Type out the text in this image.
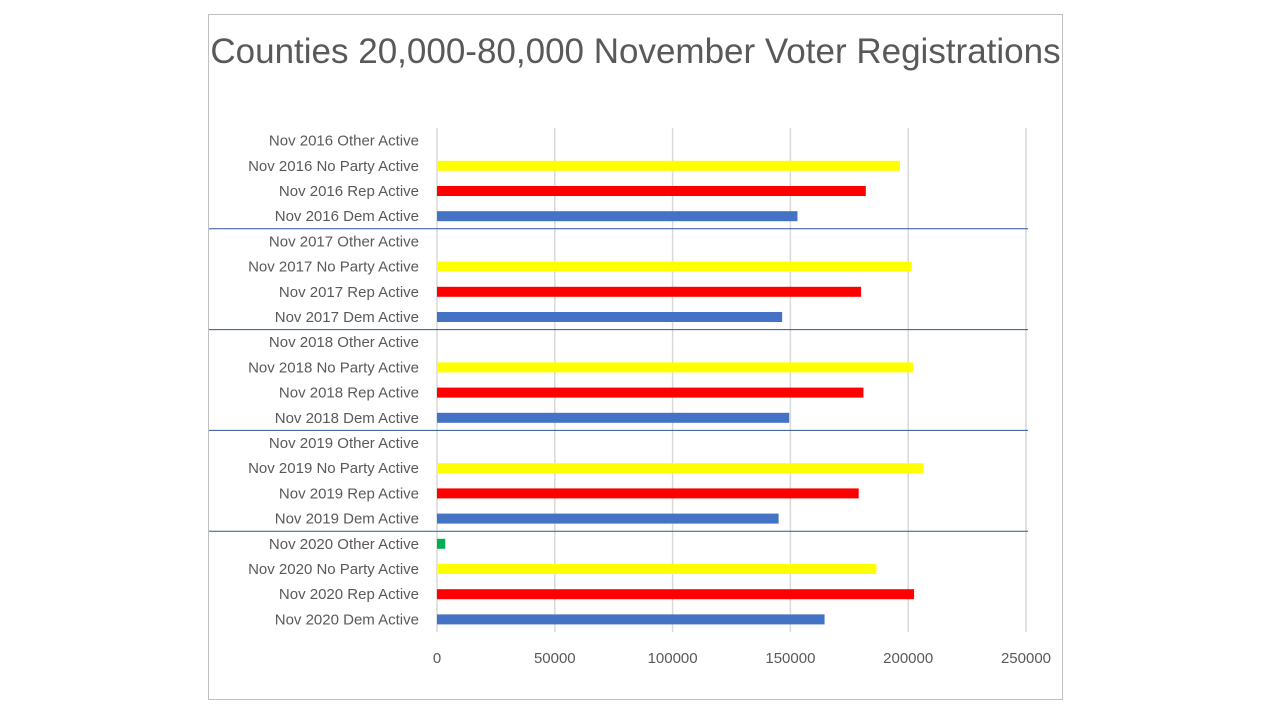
Counties 20,000-80,000 November Voter Registrations
Nov 2016 Other Active
Nov 2016 No Party Active
Nov 2016 Rep Active
Nov 2016 Dem Active
Nov 2017 Other Active
Nov 2017 No Party Active
Nov 2017 Rep Active
Nov 2017 Dem Active
Nov 2018 Other Active
Nov 2018 No Party Active
Nov 2018 Rep Active
Nov 2018 Dem Active
Nov 2019 Other Active
Nov 2019 No Party Active
Nov 2019 Rep Active
Nov 2019 Dem Active
Nov 2020 Other Active
Nov 2020 No Party Active
Nov 2020 Rep Active
Nov 2020 Dem Active
0	50000	100000	150000	200000	250000
